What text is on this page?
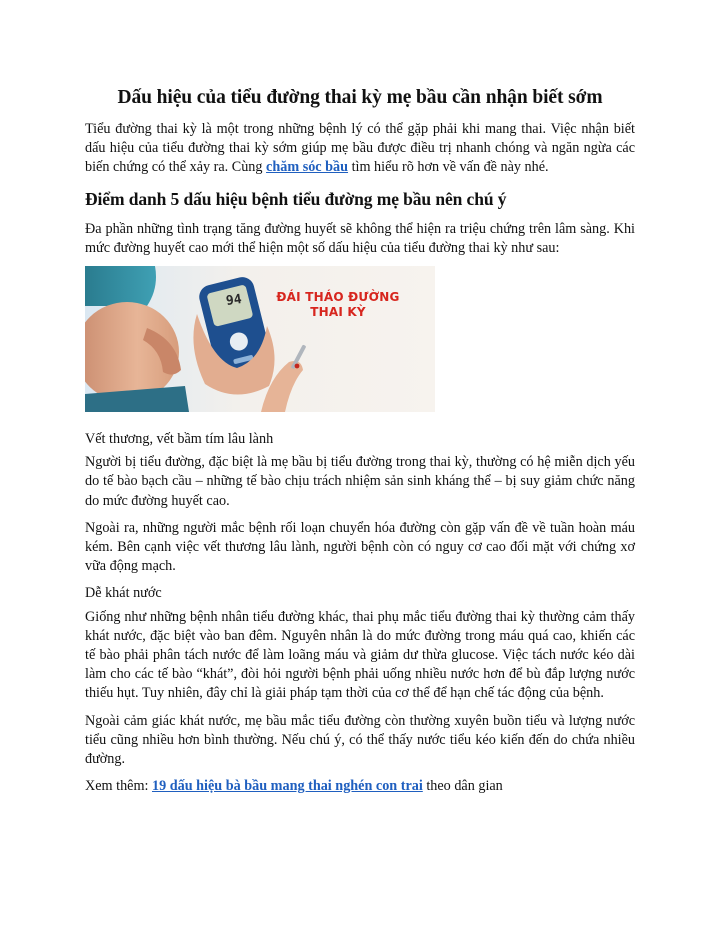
Dấu hiệu của tiểu đường thai kỳ mẹ bầu cần nhận biết sớm

Tiểu đường thai kỳ là một trong những bệnh lý có thể gặp phải khi mang thai. Việc nhận biết dấu hiệu của tiểu đường thai kỳ sớm giúp mẹ bầu được điều trị nhanh chóng và ngăn ngừa các biến chứng có thể xảy ra. Cùng chăm sóc bầu tìm hiểu rõ hơn về vấn đề này nhé.

Điểm danh 5 dấu hiệu bệnh tiểu đường mẹ bầu nên chú ý

Đa phần những tình trạng tăng đường huyết sẽ không thể hiện ra triệu chứng trên lâm sàng. Khi mức đường huyết cao mới thể hiện một số dấu hiệu của tiểu đường thai kỳ như sau:

94	ĐÁI THÁO ĐƯỜNG
THAI KỲ

Vết thương, vết bầm tím lâu lành

Người bị tiểu đường, đặc biệt là mẹ bầu bị tiểu đường trong thai kỳ, thường có hệ miễn dịch yếu do tế bào bạch cầu – những tế bào chịu trách nhiệm sản sinh kháng thể – bị suy giảm chức năng do mức đường huyết cao.

Ngoài ra, những người mắc bệnh rối loạn chuyển hóa đường còn gặp vấn đề về tuần hoàn máu kém. Bên cạnh việc vết thương lâu lành, người bệnh còn có nguy cơ cao đối mặt với chứng xơ vữa động mạch.

Dễ khát nước

Giống như những bệnh nhân tiểu đường khác, thai phụ mắc tiểu đường thai kỳ thường cảm thấy khát nước, đặc biệt vào ban đêm. Nguyên nhân là do mức đường trong máu quá cao, khiến các tế bào phải phân tách nước để làm loãng máu và giảm dư thừa glucose. Việc tách nước kéo dài làm cho các tế bào “khát”, đòi hỏi người bệnh phải uống nhiều nước hơn để bù đắp lượng nước thiếu hụt. Tuy nhiên, đây chỉ là giải pháp tạm thời của cơ thể để hạn chế tác động của bệnh.

Ngoài cảm giác khát nước, mẹ bầu mắc tiểu đường còn thường xuyên buồn tiểu và lượng nước tiểu cũng nhiều hơn bình thường. Nếu chú ý, có thể thấy nước tiểu kéo kiến đến do chứa nhiều đường.

Xem thêm: 19 dấu hiệu bà bầu mang thai nghén con trai theo dân gian
